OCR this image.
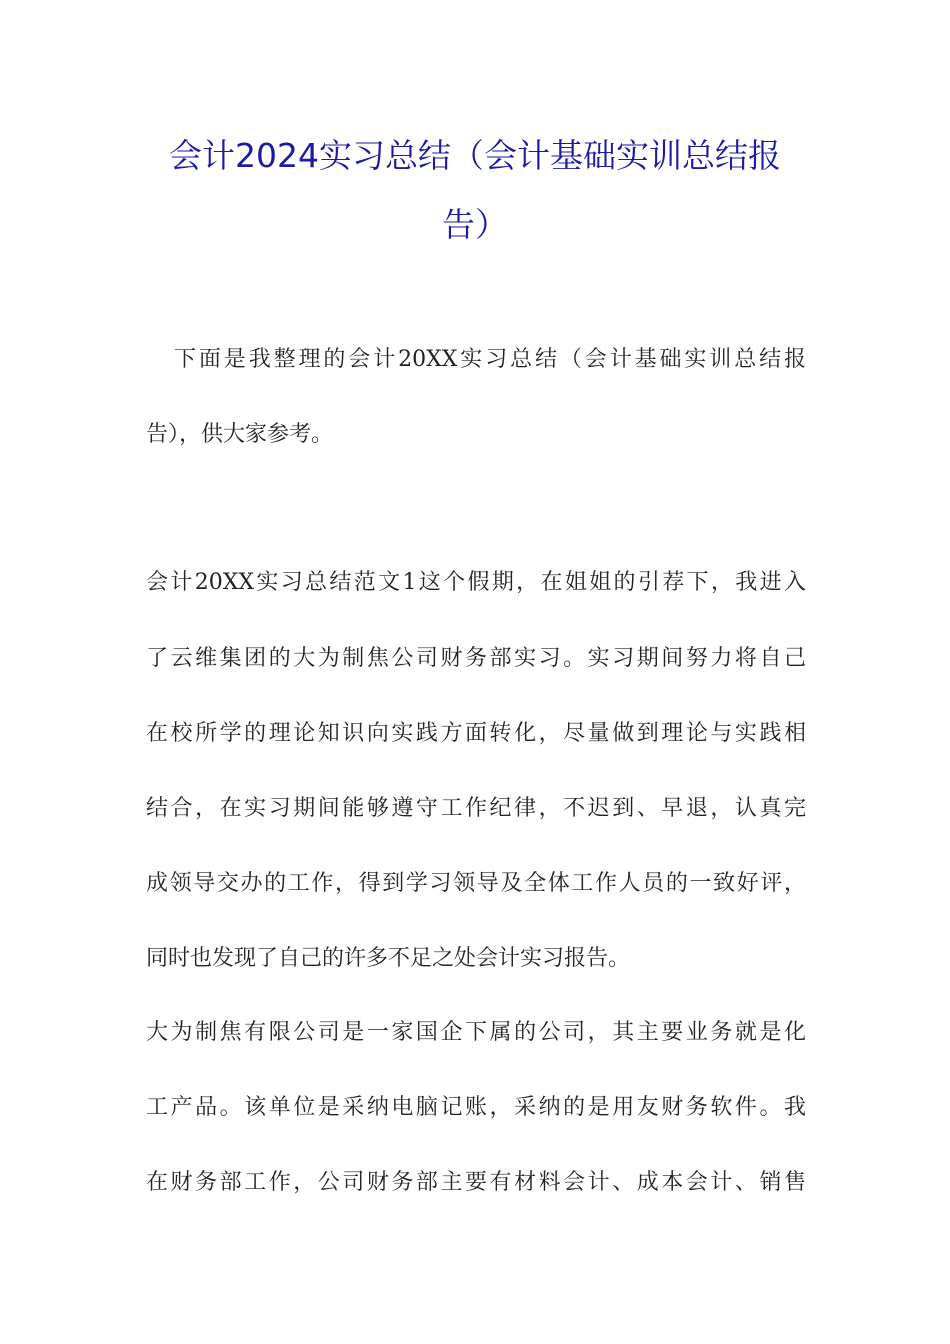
会计2024实习总结（会计基础实训总结报
告）
下面是我整理的会计20XX实习总结（会计基础实训总结报
告），供大家参考。
会计20XX实习总结范文1这个假期，在姐姐的引荐下，我进入
了云维集团的大为制焦公司财务部实习。实习期间努力将自己
在校所学的理论知识向实践方面转化，尽量做到理论与实践相
结合，在实习期间能够遵守工作纪律，不迟到、早退，认真完
成领导交办的工作，得到学习领导及全体工作人员的一致好评，
同时也发现了自己的许多不足之处会计实习报告。
大为制焦有限公司是一家国企下属的公司，其主要业务就是化
工产品。该单位是采纳电脑记账，采纳的是用友财务软件。我
在财务部工作，公司财务部主要有材料会计、成本会计、销售
